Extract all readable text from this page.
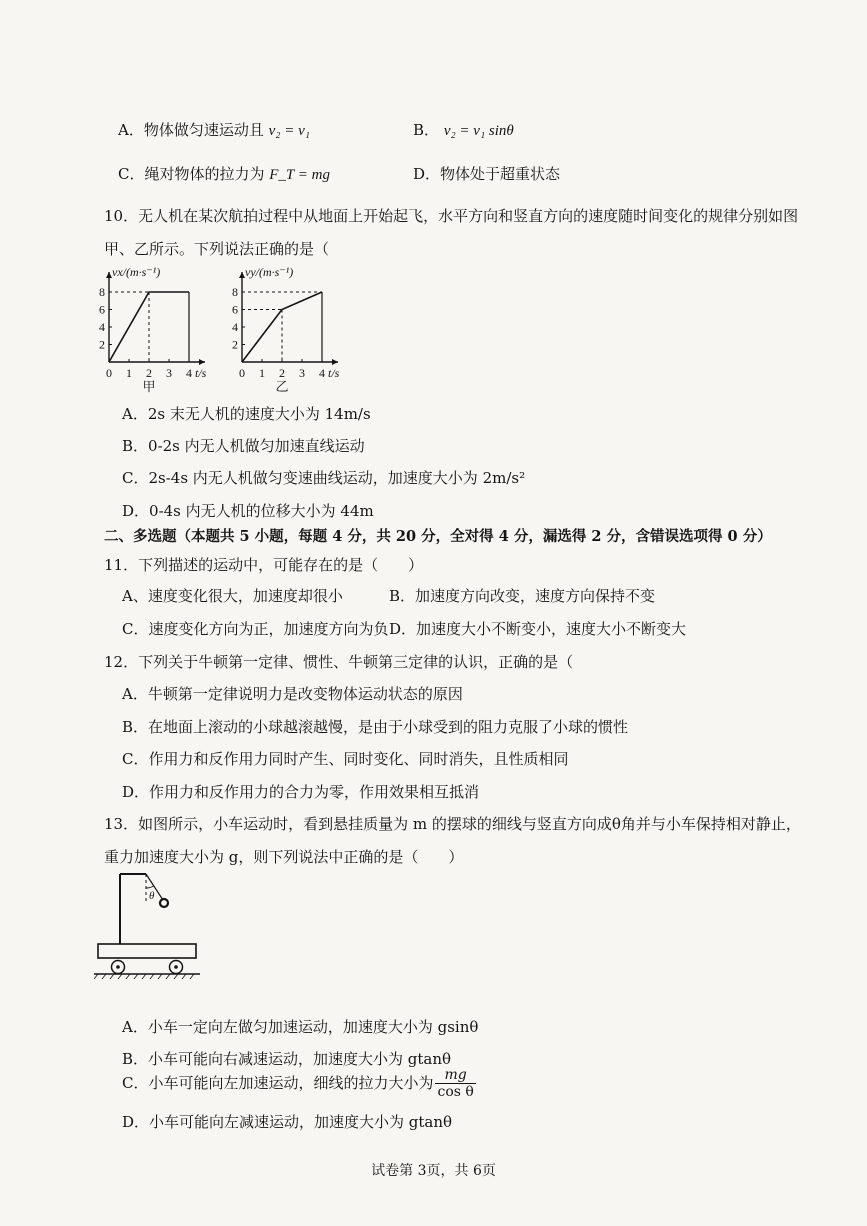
A．物体做匀速运动且 v₂ = v₁	B． v₂ = v₁ sinθ
C．绳对物体的拉力为 F_T = mg	D．物体处于超重状态
10．无人机在某次航拍过程中从地面上开始起飞，水平方向和竖直方向的速度随时间变化的规律分别如图
甲、乙所示。下列说法正确的是（
0 1 2 3 4
2
4
6
8
vx/(m·s⁻¹)
t/s
甲
0 1 2 3 4
2
4
6
8
vy/(m·s⁻¹)
t/s
乙
A．2s 末无人机的速度大小为 14m/s
B．0-2s 内无人机做匀加速直线运动
C．2s-4s 内无人机做匀变速曲线运动，加速度大小为 2m/s²
D．0-4s 内无人机的位移大小为 44m
二、多选题（本题共 5 小题，每题 4 分，共 20 分，全对得 4 分，漏选得 2 分，含错误选项得 0 分）
11．下列描述的运动中，可能存在的是（　　）
A、速度变化很大，加速度却很小	B．加速度方向改变，速度方向保持不变
C．速度变化方向为正，加速度方向为负 D．加速度大小不断变小，速度大小不断变大
12．下列关于牛顿第一定律、惯性、牛顿第三定律的认识，正确的是（
A．牛顿第一定律说明力是改变物体运动状态的原因
B．在地面上滚动的小球越滚越慢，是由于小球受到的阻力克服了小球的惯性
C．作用力和反作用力同时产生、同时变化、同时消失，且性质相同
D．作用力和反作用力的合力为零，作用效果相互抵消
13．如图所示，小车运动时，看到悬挂质量为 m 的摆球的细线与竖直方向成θ角并与小车保持相对静止，
重力加速度大小为 g，则下列说法中正确的是（　　）
θ
A．小车一定向左做匀加速运动，加速度大小为 gsinθ
B．小车可能向右减速运动，加速度大小为 gtanθ
C．小车可能向左加速运动，细线的拉力大小为 $\frac{mg}{\text{cos θ}}$
D．小车可能向左减速运动，加速度大小为 gtanθ
试卷第 3页，共 6页
